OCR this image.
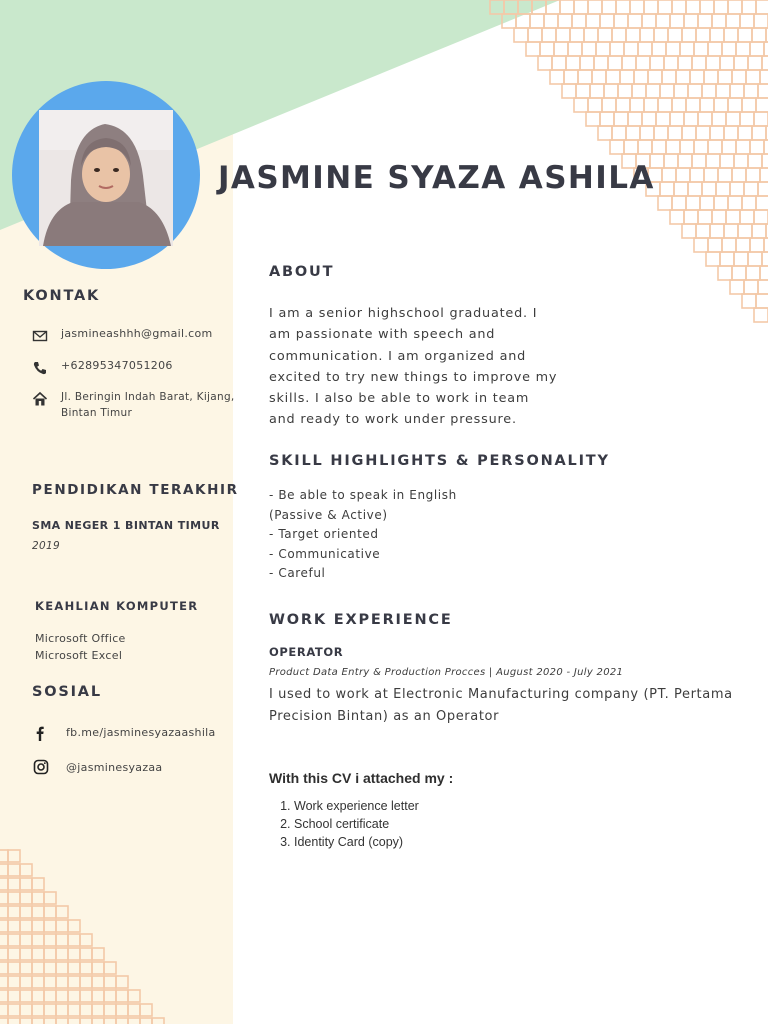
JASMINE SYAZA ASHILA
KONTAK
jasmineashhh@gmail.com
+62895347051206
Jl. Beringin Indah Barat, Kijang,
Bintan Timur
PENDIDIKAN TERAKHIR
SMA NEGER 1 BINTAN TIMUR
2019
KEAHLIAN KOMPUTER
Microsoft Office
Microsoft Excel
SOSIAL
fb.me/jasminesyazaashila
@jasminesyazaa
ABOUT
I am a senior highschool graduated. I am passionate with speech and communication. I am organized and excited to try new things to improve my skills. I also be able to work in team and ready to work under pressure.
SKILL HIGHLIGHTS & PERSONALITY
- Be able to speak in English
(Passive & Active)
- Target oriented
- Communicative
- Careful
WORK EXPERIENCE
OPERATOR
Product Data Entry & Production Procces | August 2020 - July 2021
I used to work at Electronic Manufacturing company (PT. Pertama Precision Bintan) as an Operator
With this CV i attached my :
1. Work experience letter
2. School certificate
3. Identity Card (copy)
